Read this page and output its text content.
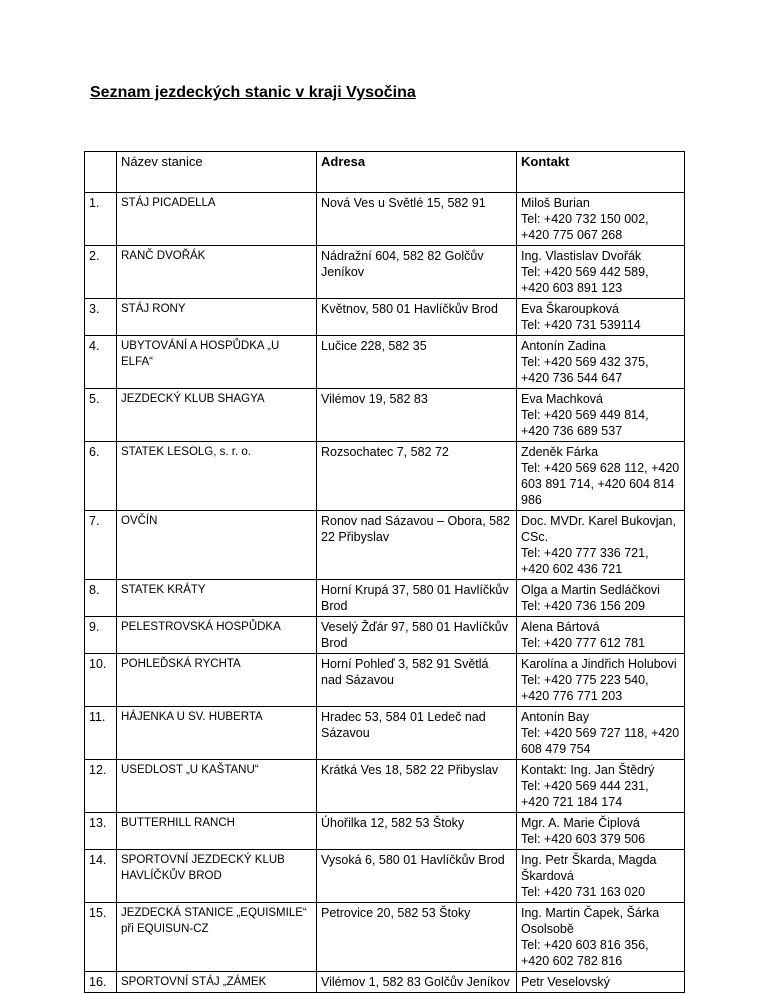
Seznam jezdeckých stanic v kraji Vysočina
	Název stanice	Adresa	Kontakt
1.	STÁJ PICADELLA	Nová Ves u Světlé 15, 582 91	Miloš Burian
Tel: +420 732 150 002, +420 775 067 268

2.	RANČ DVOŘÁK	Nádražní 604, 582 82 Golčův Jeníkov	Ing. Vlastislav Dvořák
Tel: +420 569 442 589, +420 603 891 123

3.	STÁJ RONY	Květnov, 580 01 Havlíčkův Brod	Eva Škaroupková
Tel: +420 731 539114

4.	UBYTOVÁNÍ A HOSPŮDKA „U ELFA“	Lučice 228, 582 35	Antonín Zadina
Tel: +420 569 432 375, +420 736 544 647

5.	JEZDECKÝ KLUB SHAGYA	Vilémov 19, 582 83	Eva Machková
Tel: +420 569 449 814, +420 736 689 537

6.	STATEK LESOLG, s. r. o.	Rozsochatec 7, 582 72	Zdeněk Fárka
Tel: +420 569 628 112, +420 603 891 714, +420 604 814 986

7.	OVČÍN	Ronov nad Sázavou – Obora, 582 22 Přibyslav	Doc. MVDr. Karel Bukovjan, CSc.
Tel: +420 777 336 721, +420 602 436 721

8.	STATEK KRÁTY	Horní Krupá 37, 580 01 Havlíčkův Brod	Olga a Martin Sedláčkovi
Tel: +420 736 156 209

9.	PELESTROVSKÁ HOSPŮDKA	Veselý Žďár 97, 580 01 Havlíčkův Brod	Alena Bártová
Tel: +420 777 612 781

10.	POHLEĎSKÁ RYCHTA	Horní Pohleď 3, 582 91 Světlá nad Sázavou	Karolína a Jindřich Holubovi
Tel: +420 775 223 540, +420 776 771 203

11.	HÁJENKA U SV. HUBERTA	Hradec 53, 584 01 Ledeč nad Sázavou	Antonín Bay
Tel: +420 569 727 118, +420 608 479 754

12.	USEDLOST „U KAŠTANU“	Krátká Ves 18, 582 22 Přibyslav	Kontakt: Ing. Jan Štědrý
Tel: +420 569 444 231, +420 721 184 174

13.	BUTTERHILL RANCH	Úhořilka 12, 582 53 Štoky	Mgr. A. Marie Čiplová
Tel: +420 603 379 506

14.	SPORTOVNÍ JEZDECKÝ KLUB HAVLÍČKŮV BROD	Vysoká 6, 580 01 Havlíčkův Brod	Ing. Petr Škarda, Magda Škardová
Tel: +420 731 163 020

15.	JEZDECKÁ STANICE „EQUISMILE“ při EQUISUN-CZ	Petrovice 20, 582 53 Štoky	Ing. Martin Čapek, Šárka Osolsobě
Tel: +420 603 816 356, +420 602 782 816

16.	SPORTOVNÍ STÁJ „ZÁMEK	Vilémov 1, 582 83 Golčův Jeníkov	Petr Veselovský
